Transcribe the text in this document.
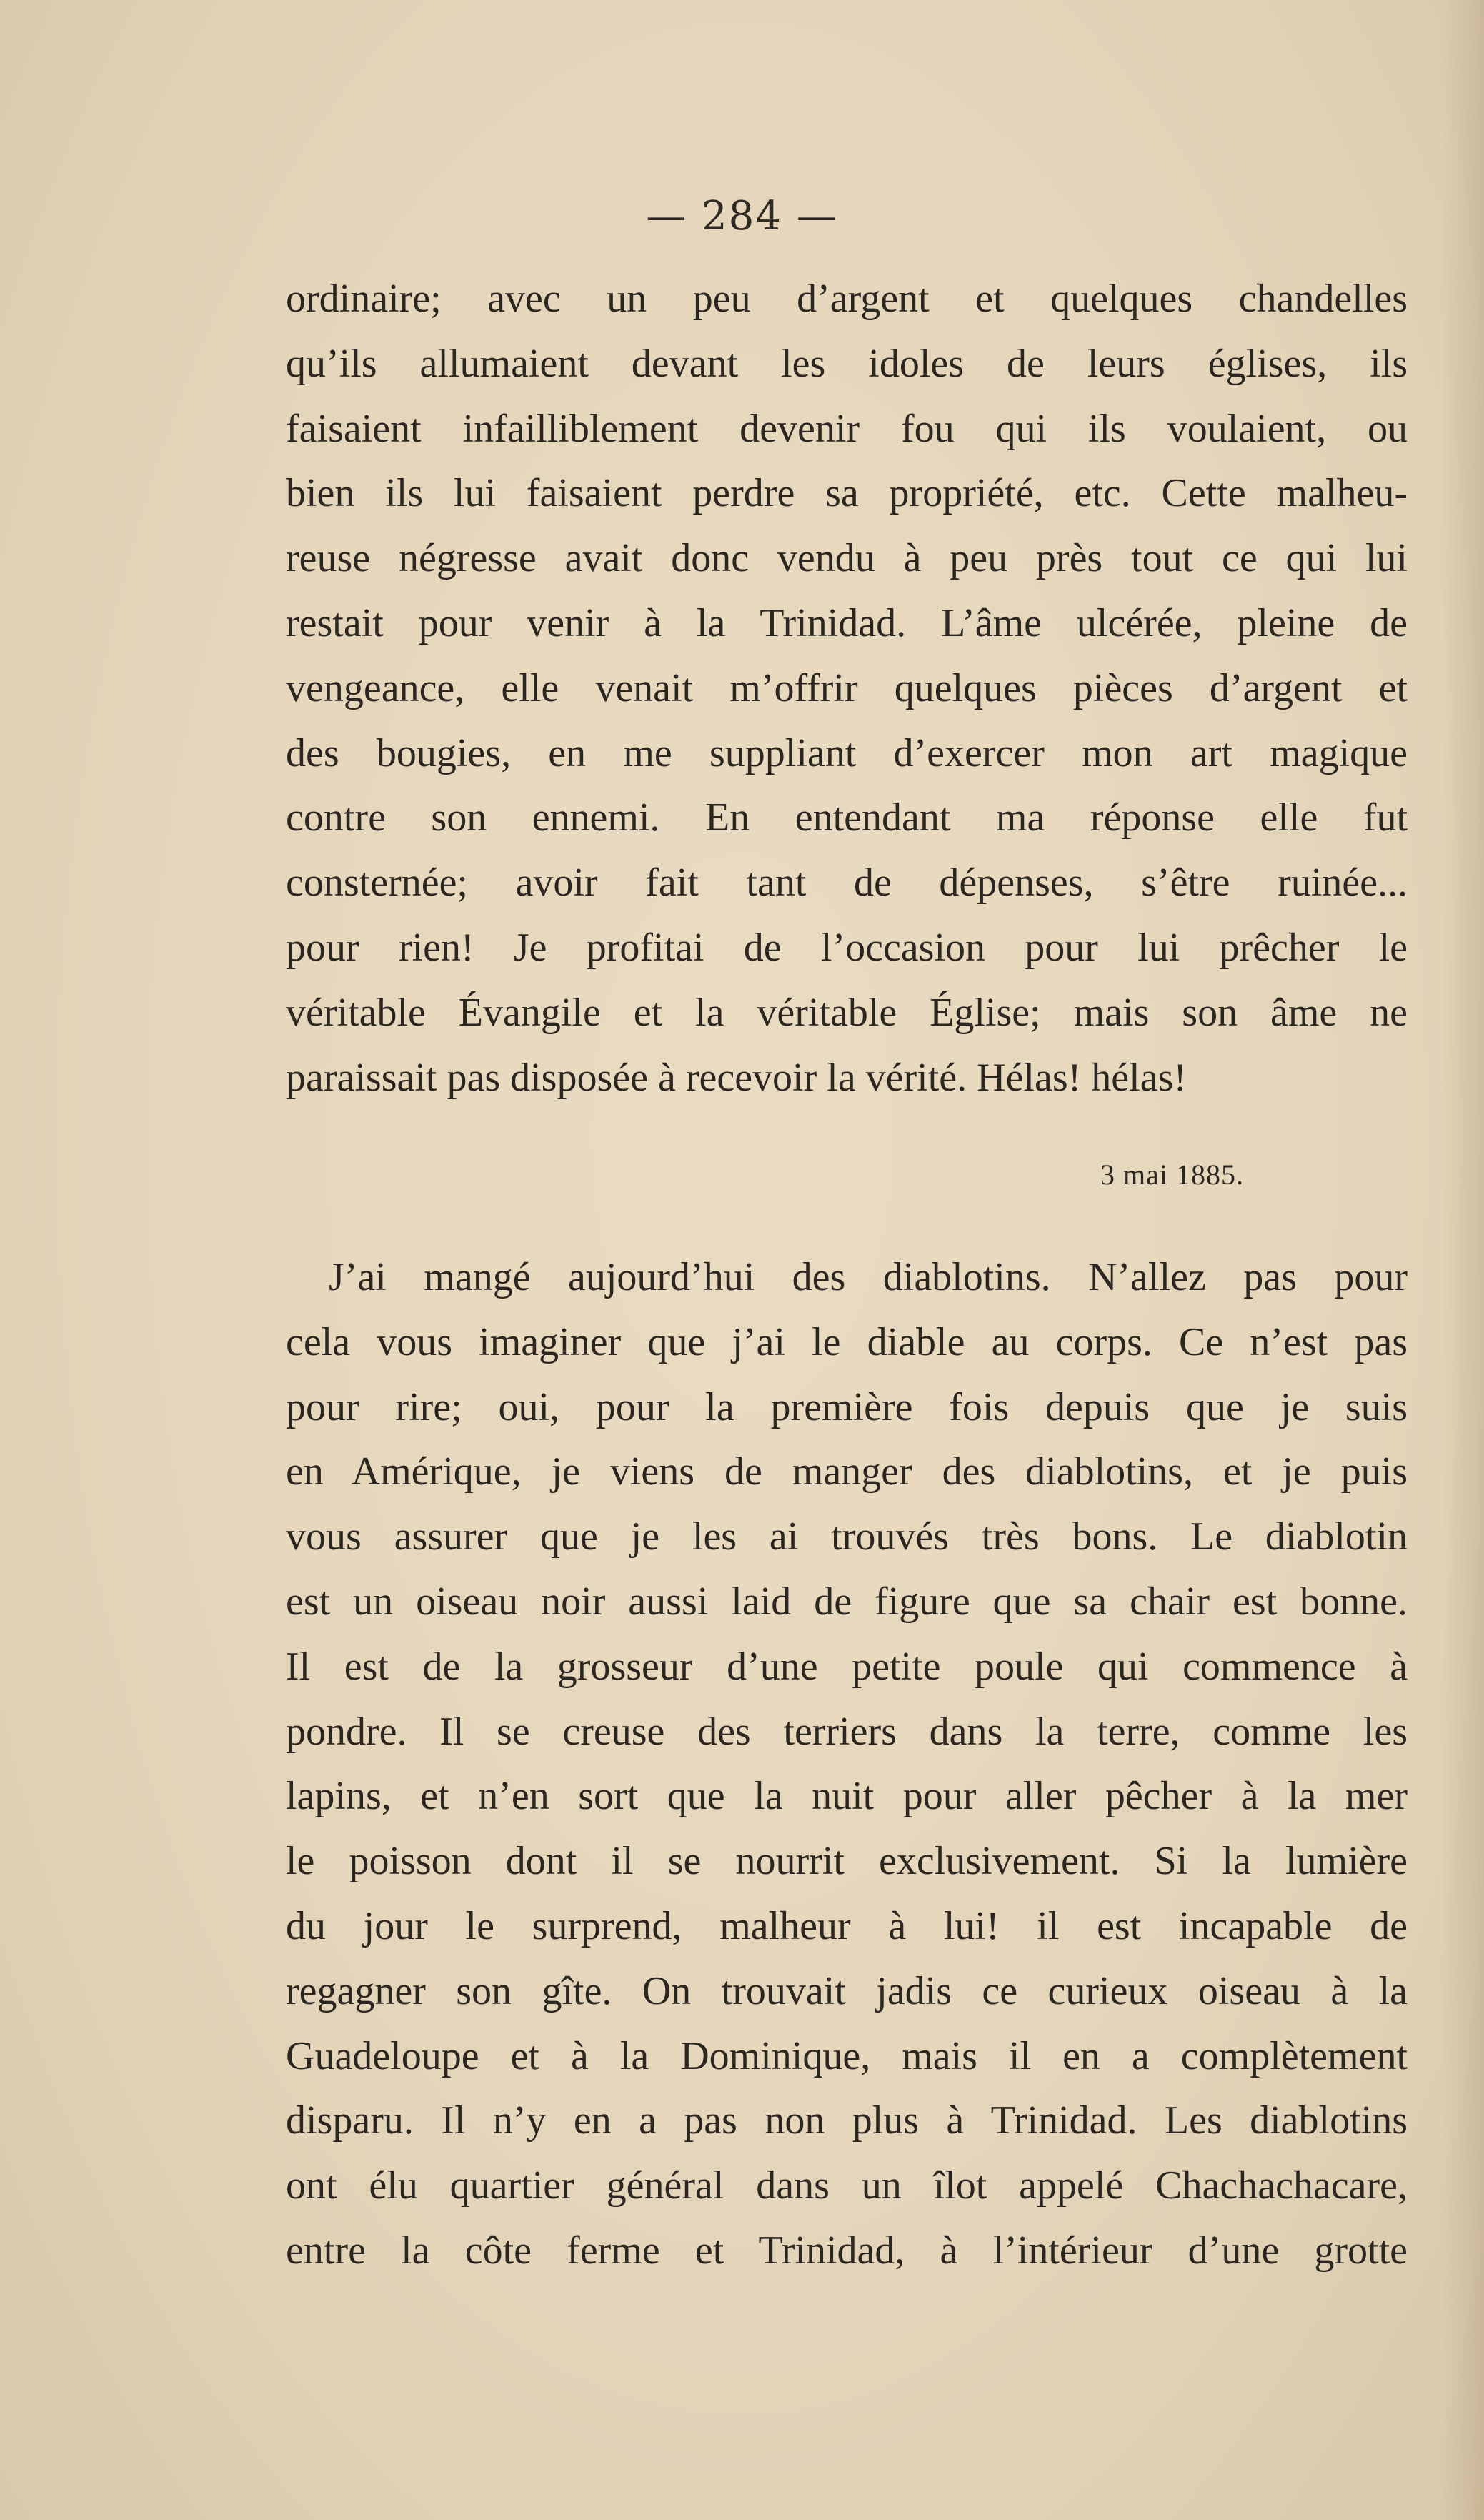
— 284 —
ordinaire; avec un peu d’argent et quelques chandelles
qu’ils allumaient devant les idoles de leurs églises, ils
faisaient infailliblement devenir fou qui ils voulaient, ou
bien ils lui faisaient perdre sa propriété, etc. Cette malheu-
reuse négresse avait donc vendu à peu près tout ce qui lui
restait pour venir à la Trinidad. L’âme ulcérée, pleine de
vengeance, elle venait m’offrir quelques pièces d’argent et
des bougies, en me suppliant d’exercer mon art magique
contre son ennemi. En entendant ma réponse elle fut
consternée; avoir fait tant de dépenses, s’être ruinée...
pour rien! Je profitai de l’occasion pour lui prêcher le
véritable Évangile et la véritable Église; mais son âme ne
paraissait pas disposée à recevoir la vérité. Hélas! hélas!
3 mai 1885.
J’ai mangé aujourd’hui des diablotins. N’allez pas pour
cela vous imaginer que j’ai le diable au corps. Ce n’est pas
pour rire; oui, pour la première fois depuis que je suis
en Amérique, je viens de manger des diablotins, et je puis
vous assurer que je les ai trouvés très bons. Le diablotin
est un oiseau noir aussi laid de figure que sa chair est bonne.
Il est de la grosseur d’une petite poule qui commence à
pondre. Il se creuse des terriers dans la terre, comme les
lapins, et n’en sort que la nuit pour aller pêcher à la mer
le poisson dont il se nourrit exclusivement. Si la lumière
du jour le surprend, malheur à lui! il est incapable de
regagner son gîte. On trouvait jadis ce curieux oiseau à la
Guadeloupe et à la Dominique, mais il en a complètement
disparu. Il n’y en a pas non plus à Trinidad. Les diablotins
ont élu quartier général dans un îlot appelé Chachachacare,
entre la côte ferme et Trinidad, à l’intérieur d’une grotte
